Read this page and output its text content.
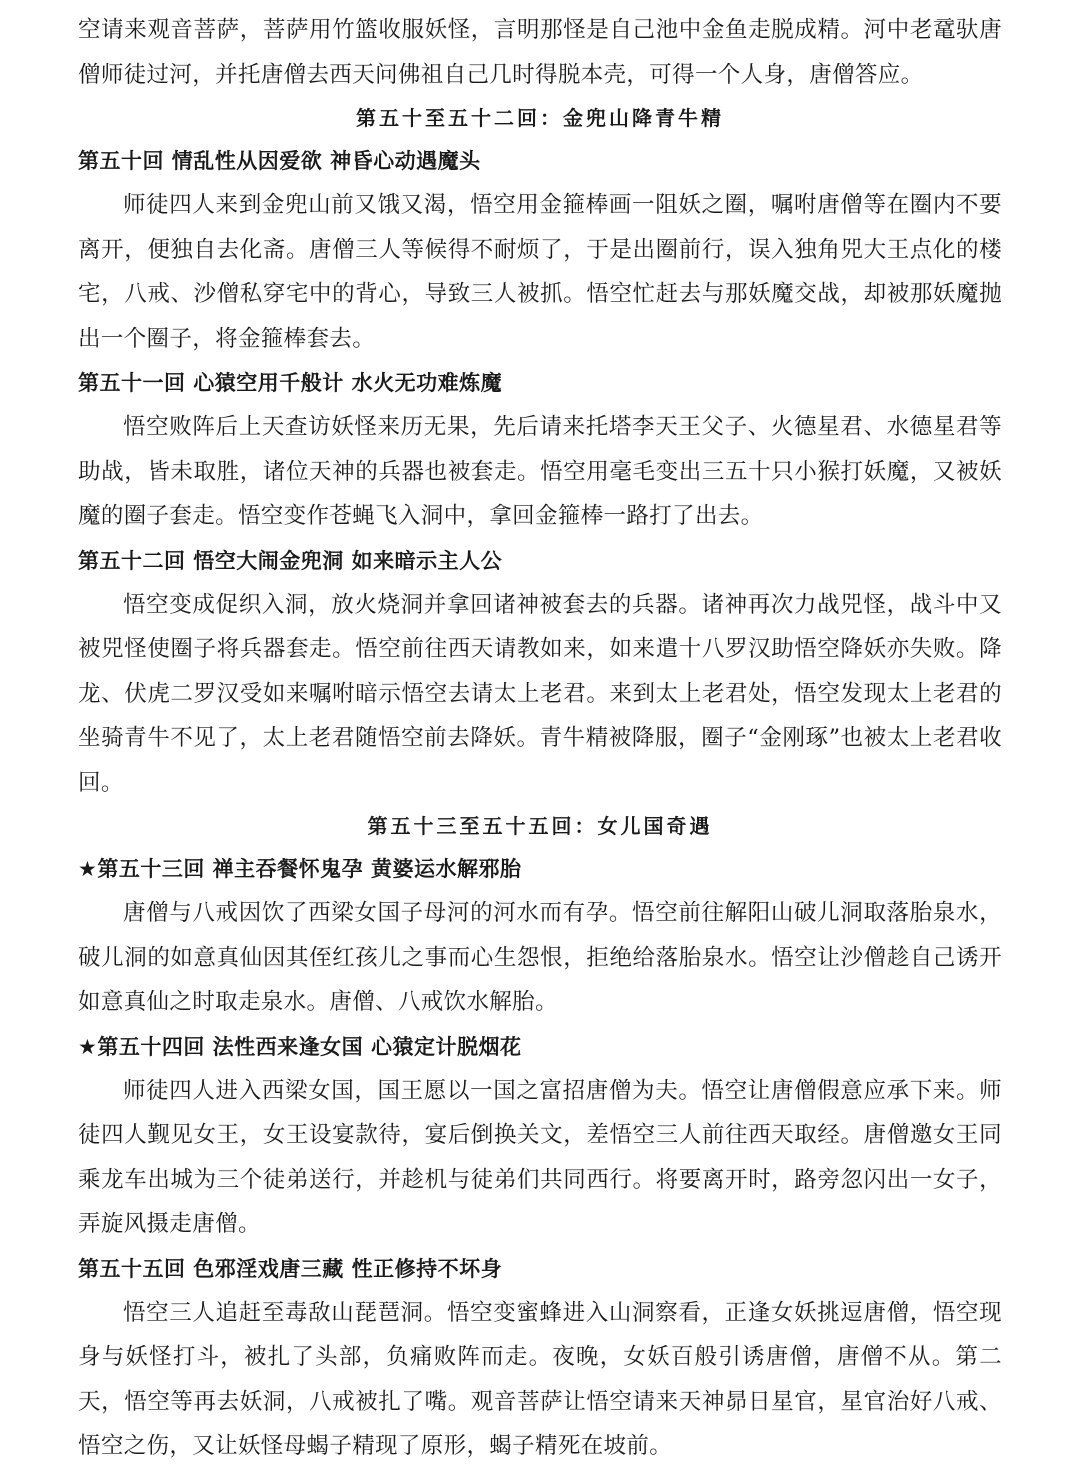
空请来观音菩萨，菩萨用竹篮收服妖怪，言明那怪是自己池中金鱼走脱成精。河中老鼋驮唐僧师徒过河，并托唐僧去西天问佛祖自己几时得脱本壳，可得一个人身，唐僧答应。

第五十至五十二回：金兜山降青牛精

第五十回 情乱性从因爱欲 神昏心动遇魔头

师徒四人来到金兜山前又饿又渴，悟空用金箍棒画一阻妖之圈，嘱咐唐僧等在圈内不要离开，便独自去化斋。唐僧三人等候得不耐烦了，于是出圈前行，误入独角兕大王点化的楼宅，八戒、沙僧私穿宅中的背心，导致三人被抓。悟空忙赶去与那妖魔交战，却被那妖魔抛出一个圈子，将金箍棒套去。

第五十一回 心猿空用千般计 水火无功难炼魔

悟空败阵后上天查访妖怪来历无果，先后请来托塔李天王父子、火德星君、水德星君等助战，皆未取胜，诸位天神的兵器也被套走。悟空用毫毛变出三五十只小猴打妖魔，又被妖魔的圈子套走。悟空变作苍蝇飞入洞中，拿回金箍棒一路打了出去。

第五十二回 悟空大闹金兜洞 如来暗示主人公

悟空变成促织入洞，放火烧洞并拿回诸神被套去的兵器。诸神再次力战兕怪，战斗中又被兕怪使圈子将兵器套走。悟空前往西天请教如来，如来遣十八罗汉助悟空降妖亦失败。降龙、伏虎二罗汉受如来嘱咐暗示悟空去请太上老君。来到太上老君处，悟空发现太上老君的坐骑青牛不见了，太上老君随悟空前去降妖。青牛精被降服，圈子“金刚琢”也被太上老君收回。

第五十三至五十五回：女儿国奇遇

★第五十三回 禅主吞餐怀鬼孕 黄婆运水解邪胎

唐僧与八戒因饮了西梁女国子母河的河水而有孕。悟空前往解阳山破儿洞取落胎泉水，破儿洞的如意真仙因其侄红孩儿之事而心生怨恨，拒绝给落胎泉水。悟空让沙僧趁自己诱开如意真仙之时取走泉水。唐僧、八戒饮水解胎。

★第五十四回 法性西来逢女国 心猿定计脱烟花

师徒四人进入西梁女国，国王愿以一国之富招唐僧为夫。悟空让唐僧假意应承下来。师徒四人觐见女王，女王设宴款待，宴后倒换关文，差悟空三人前往西天取经。唐僧邀女王同乘龙车出城为三个徒弟送行，并趁机与徒弟们共同西行。将要离开时，路旁忽闪出一女子，弄旋风摄走唐僧。

第五十五回 色邪淫戏唐三藏 性正修持不坏身

悟空三人追赶至毒敌山琵琶洞。悟空变蜜蜂进入山洞察看，正逢女妖挑逗唐僧，悟空现身与妖怪打斗，被扎了头部，负痛败阵而走。夜晚，女妖百般引诱唐僧，唐僧不从。第二天，悟空等再去妖洞，八戒被扎了嘴。观音菩萨让悟空请来天神昴日星官，星官治好八戒、悟空之伤，又让妖怪母蝎子精现了原形，蝎子精死在坡前。
